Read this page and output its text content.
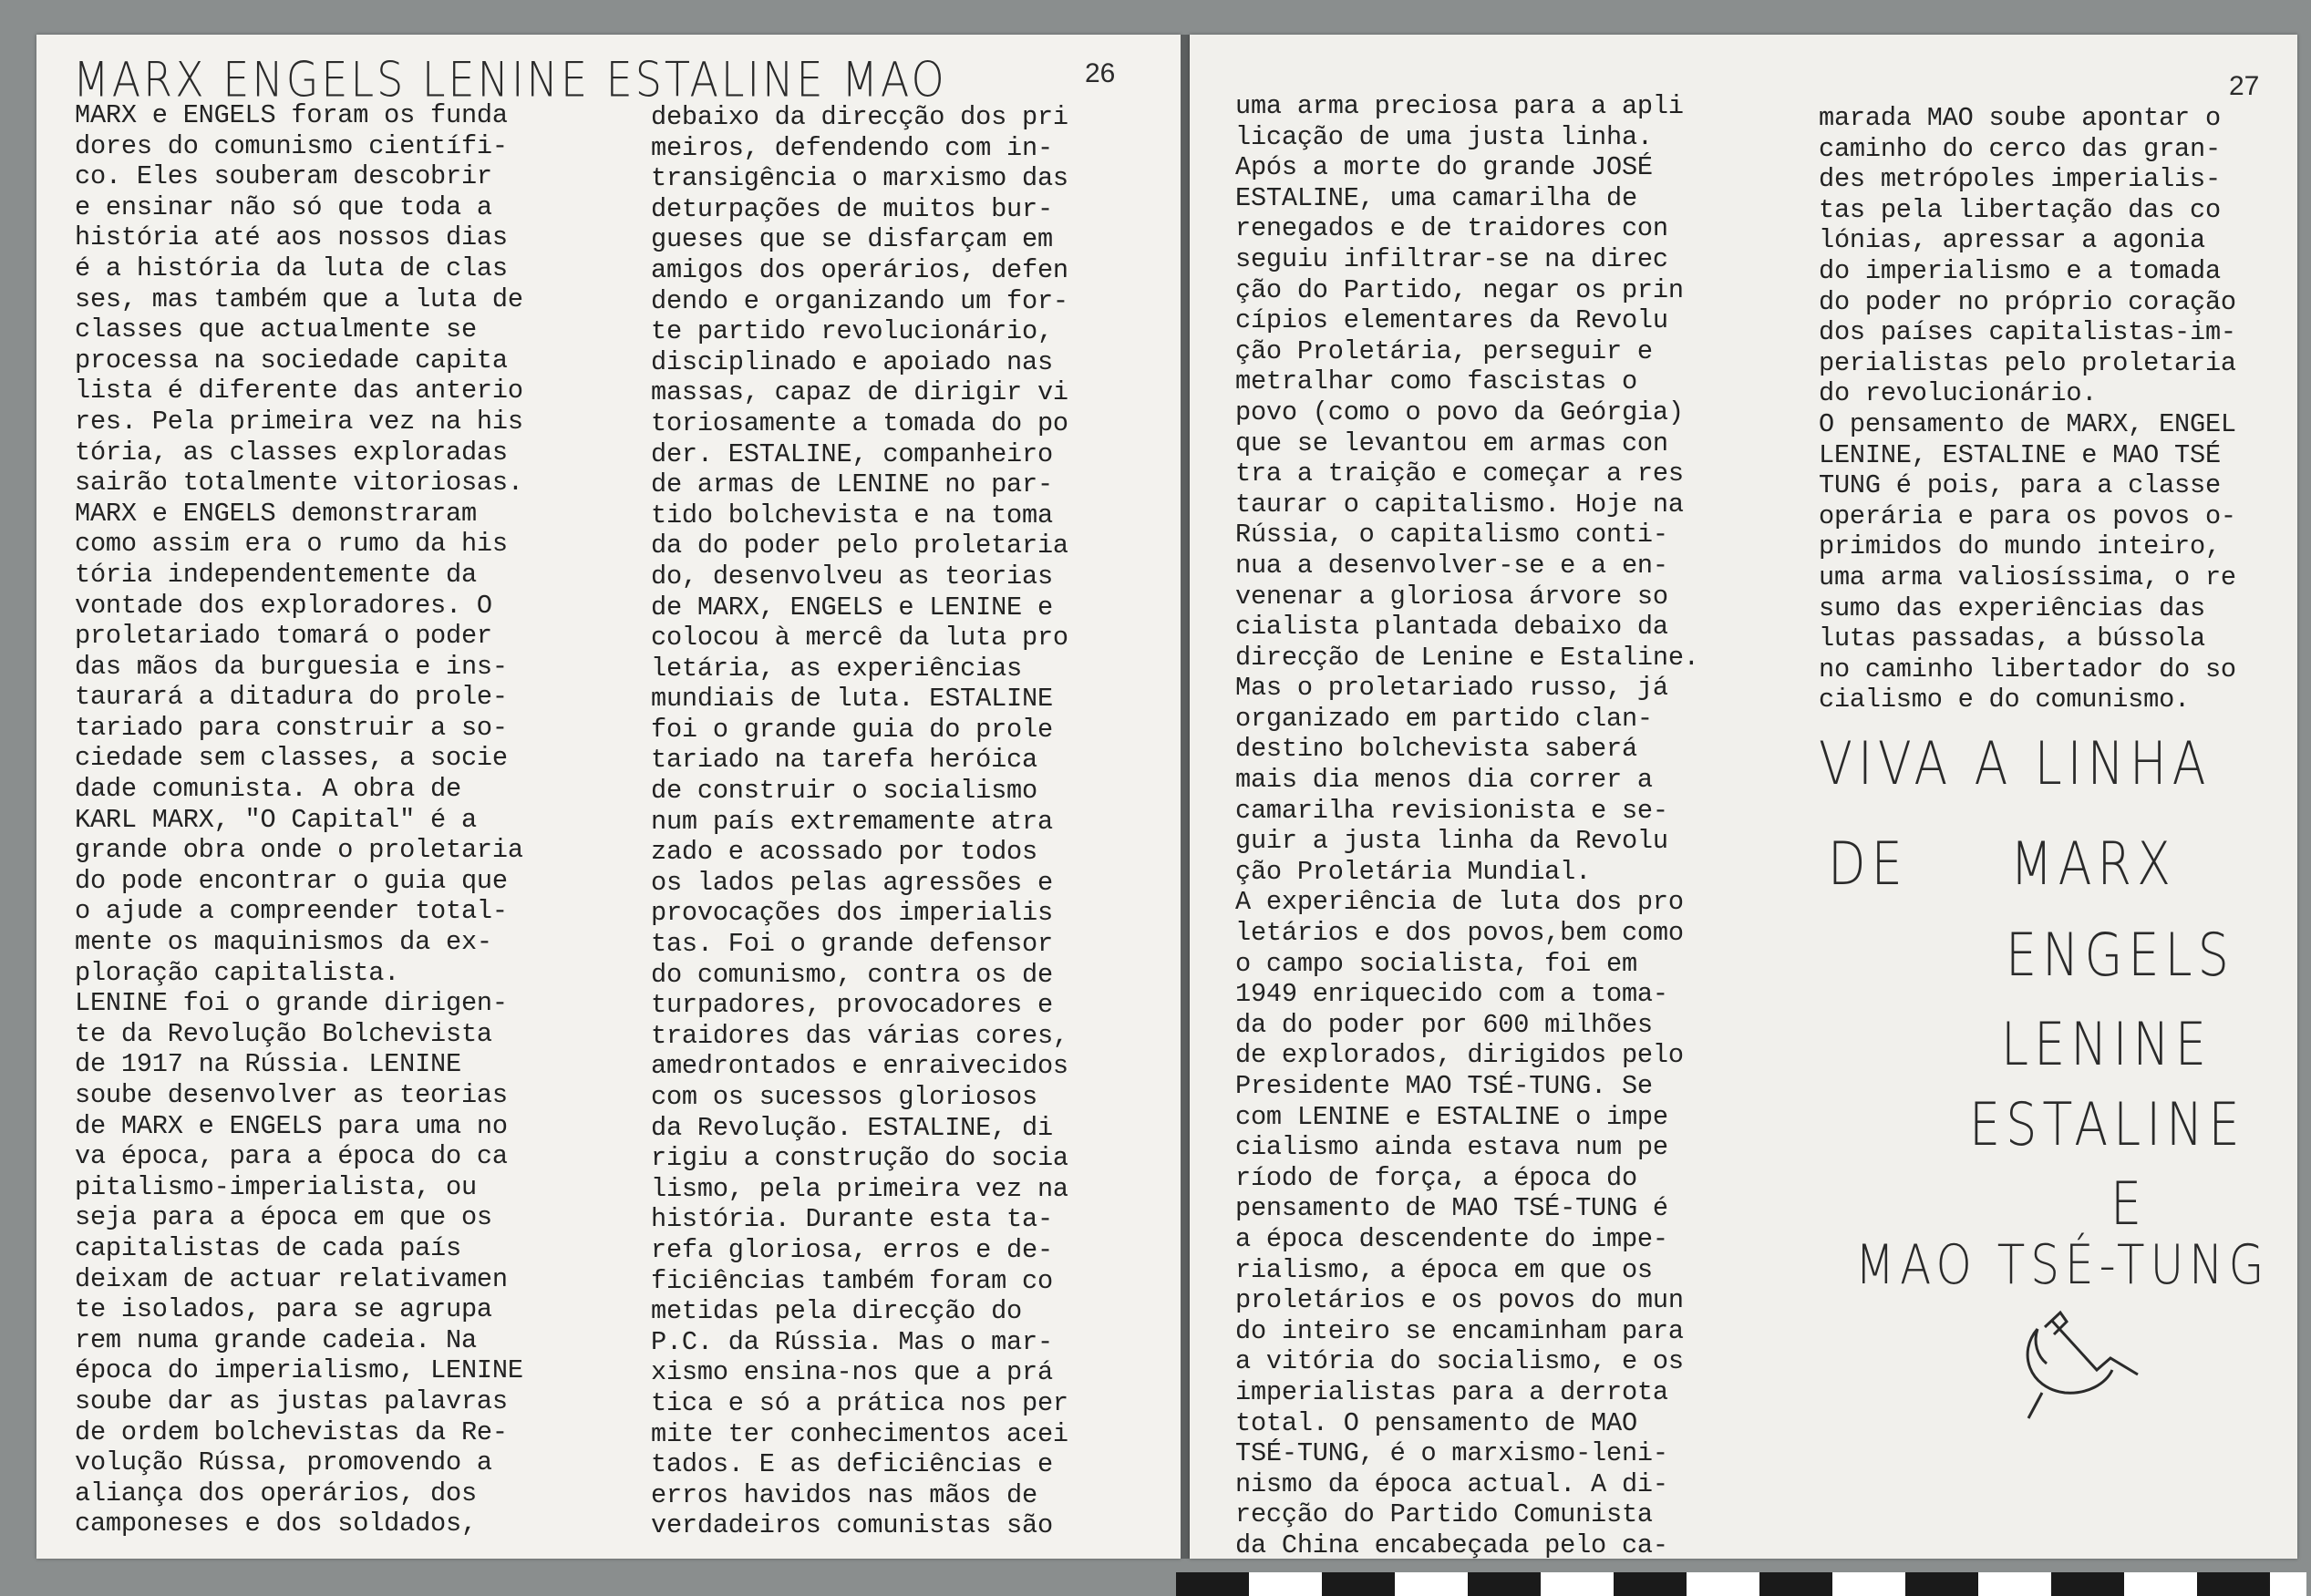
MARX ENGELS LENINE ESTALINE MAO	26
MARX e ENGELS foram os funda
dores do comunismo científi-
co. Eles souberam descobrir
e ensinar não só que toda a
história até aos nossos dias
é a história da luta de clas
ses, mas também que a luta de
classes que actualmente se
processa na sociedade capita
lista é diferente das anterio
res. Pela primeira vez na his
tória, as classes exploradas
sairão totalmente vitoriosas.
MARX e ENGELS demonstraram
como assim era o rumo da his
tória independentemente da
vontade dos exploradores. O
proletariado tomará o poder
das mãos da burguesia e ins-
taurará a ditadura do prole-
tariado para construir a so-
ciedade sem classes, a socie
dade comunista. A obra de
KARL MARX, "O Capital" é a
grande obra onde o proletaria
do pode encontrar o guia que
o ajude a compreender total-
mente os maquinismos da ex-
ploração capitalista.
LENINE foi o grande dirigen-
te da Revolução Bolchevista
de 1917 na Rússia. LENINE
soube desenvolver as teorias
de MARX e ENGELS para uma no
va época, para a época do ca
pitalismo-imperialista, ou
seja para a época em que os
capitalistas de cada país
deixam de actuar relativamen
te isolados, para se agrupa
rem numa grande cadeia. Na
época do imperialismo, LENINE
soube dar as justas palavras
de ordem bolchevistas da Re-
volução Rússa, promovendo a
aliança dos operários, dos
camponeses e dos soldados,
debaixo da direcção dos pri
meiros, defendendo com in-
transigência o marxismo das
deturpações de muitos bur-
gueses que se disfarçam em
amigos dos operários, defen
dendo e organizando um for-
te partido revolucionário,
disciplinado e apoiado nas
massas, capaz de dirigir vi
toriosamente a tomada do po
der. ESTALINE, companheiro
de armas de LENINE no par-
tido bolchevista e na toma
da do poder pelo proletaria
do, desenvolveu as teorias
de MARX, ENGELS e LENINE e
colocou à mercê da luta pro
letária, as experiências
mundiais de luta. ESTALINE
foi o grande guia do prole
tariado na tarefa heróica
de construir o socialismo
num país extremamente atra
zado e acossado por todos
os lados pelas agressões e
provocações dos imperialis
tas. Foi o grande defensor
do comunismo, contra os de
turpadores, provocadores e
traidores das várias cores,
amedrontados e enraivecidos
com os sucessos gloriosos
da Revolução. ESTALINE, di
rigiu a construção do socia
lismo, pela primeira vez na
história. Durante esta ta-
refa gloriosa, erros e de-
ficiências também foram co
metidas pela direcção do
P.C. da Rússia. Mas o mar-
xismo ensina-nos que a prá
tica e só a prática nos per
mite ter conhecimentos acei
tados. E as deficiências e
erros havidos nas mãos de
verdadeiros comunistas são
27
uma arma preciosa para a apli
licação de uma justa linha.
Após a morte do grande JOSÉ
ESTALINE, uma camarilha de
renegados e de traidores con
seguiu infiltrar-se na direc
ção do Partido, negar os prin
cípios elementares da Revolu
ção Proletária, perseguir e
metralhar como fascistas o
povo (como o povo da Geórgia)
que se levantou em armas con
tra a traição e começar a res
taurar o capitalismo. Hoje na
Rússia, o capitalismo conti-
nua a desenvolver-se e a en-
venenar a gloriosa árvore so
cialista plantada debaixo da
direcção de Lenine e Estaline.
Mas o proletariado russo, já
organizado em partido clan-
destino bolchevista saberá
mais dia menos dia correr a
camarilha revisionista e se-
guir a justa linha da Revolu
ção Proletária Mundial.
A experiência de luta dos pro
letários e dos povos,bem como
o campo socialista, foi em
1949 enriquecido com a toma-
da do poder por 600 milhões
de explorados, dirigidos pelo
Presidente MAO TSÉ-TUNG. Se
com LENINE e ESTALINE o impe
cialismo ainda estava num pe
ríodo de força, a época do
pensamento de MAO TSÉ-TUNG é
a época descendente do impe-
rialismo, a época em que os
proletários e os povos do mun
do inteiro se encaminham para
a vitória do socialismo, e os
imperialistas para a derrota
total. O pensamento de MAO
TSÉ-TUNG, é o marxismo-leni-
nismo da época actual. A di-
recção do Partido Comunista
da China encabeçada pelo ca-
marada MAO soube apontar o
caminho do cerco das gran-
des metrópoles imperialis-
tas pela libertação das co
lónias, apressar a agonia
do imperialismo e a tomada
do poder no próprio coração
dos países capitalistas-im-
perialistas pelo proletaria
do revolucionário.
O pensamento de MARX, ENGEL
LENINE, ESTALINE e MAO TSÉ
TUNG é pois, para a classe
operária e para os povos o-
primidos do mundo inteiro,
uma arma valiosíssima, o re
sumo das experiências das
lutas passadas, a bússola
no caminho libertador do so
cialismo e do comunismo.
VIVA A LINHA
DE MARX
ENGELS
LENINE
ESTALINE
E
MAO TSÉ-TUNG
